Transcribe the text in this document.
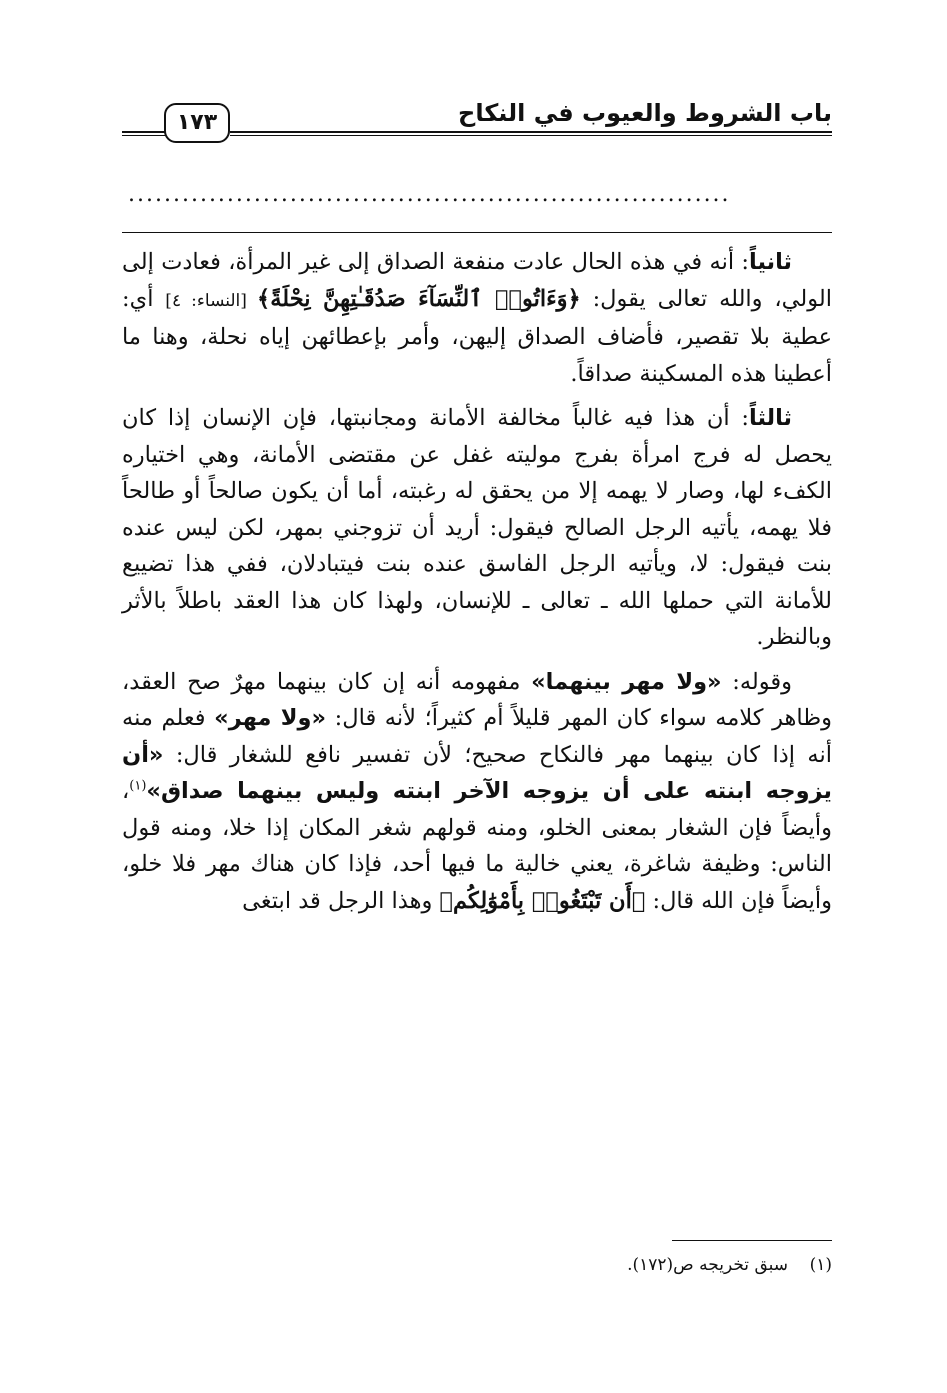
باب الشروط والعيوب في النكاح
١٧٣
...................................................................

ثانياً: أنه في هذه الحال عادت منفعة الصداق إلى غير المرأة، فعادت إلى الولي، والله تعالى يقول: ﴿وَءَاتُوا۟ ٱلنِّسَآءَ صَدُقَـٰتِهِنَّ نِحْلَةً﴾ [النساء: ٤] أي: عطية بلا تقصير، فأضاف الصداق إليهن، وأمر بإعطائهن إياه نحلة، وهنا ما أعطينا هذه المسكينة صداقاً.

ثالثاً: أن هذا فيه غالباً مخالفة الأمانة ومجانبتها، فإن الإنسان إذا كان يحصل له فرج امرأة بفرج موليته غفل عن مقتضى الأمانة، وهي اختياره الكفء لها، وصار لا يهمه إلا من يحقق له رغبته، أما أن يكون صالحاً أو طالحاً فلا يهمه، يأتيه الرجل الصالح فيقول: أريد أن تزوجني بمهر، لكن ليس عنده بنت فيقول: لا، ويأتيه الرجل الفاسق عنده بنت فيتبادلان، ففي هذا تضييع للأمانة التي حملها الله ـ تعالى ـ للإنسان، ولهذا كان هذا العقد باطلاً بالأثر وبالنظر.

وقوله: «ولا مهر بينهما» مفهومه أنه إن كان بينهما مهرٌ صح العقد، وظاهر كلامه سواء كان المهر قليلاً أم كثيراً؛ لأنه قال: «ولا مهر» فعلم منه أنه إذا كان بينهما مهر فالنكاح صحيح؛ لأن تفسير نافع للشغار قال: «أن يزوجه ابنته على أن يزوجه الآخر ابنته وليس بينهما صداق»$^{(١)}$، وأيضاً فإن الشغار بمعنى الخلو، ومنه قولهم شغر المكان إذا خلا، ومنه قول الناس: وظيفة شاغرة، يعني خالية ما فيها أحد، فإذا كان هناك مهر فلا خلو، وأيضاً فإن الله قال: ﴿أَن تَبْتَغُوا۟ بِأَمْوَٰلِكُم﴾ وهذا الرجل قد ابتغى

(١)سبق تخريجه ص(١٧٢).
